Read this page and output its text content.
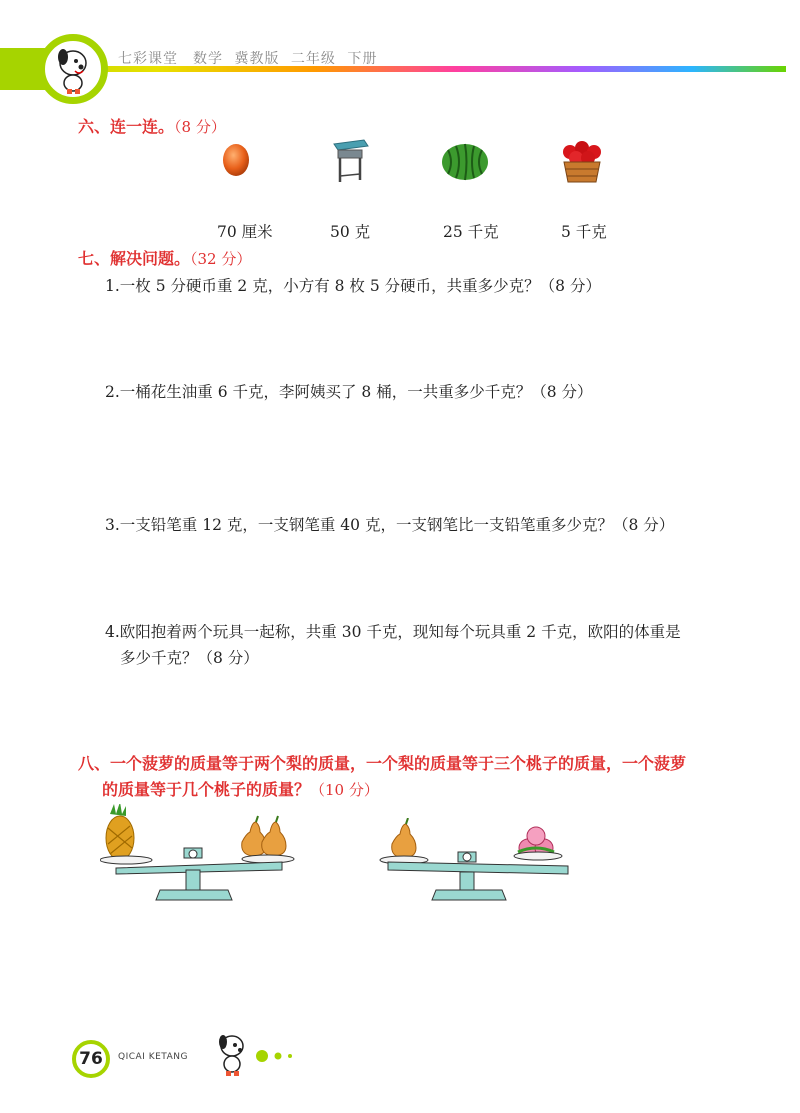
七彩课堂　数学 冀教版 二年级 下册
六、连一连。（8 分）
70 厘米	50 克	25 千克	5 千克
七、解决问题。（32 分）
1.一枚 5 分硬币重 2 克，小方有 8 枚 5 分硬币，共重多少克？（8 分）
2.一桶花生油重 6 千克，李阿姨买了 8 桶，一共重多少千克？（8 分）
3.一支铅笔重 12 克，一支钢笔重 40 克，一支钢笔比一支铅笔重多少克？（8 分）
4.欧阳抱着两个玩具一起称，共重 30 千克，现知每个玩具重 2 千克，欧阳的体重是
多少千克？（8 分）
八、一个菠萝的质量等于两个梨的质量，一个梨的质量等于三个桃子的质量，一个菠萝
的质量等于几个桃子的质量？（10 分）
76	QICAI KETANG
